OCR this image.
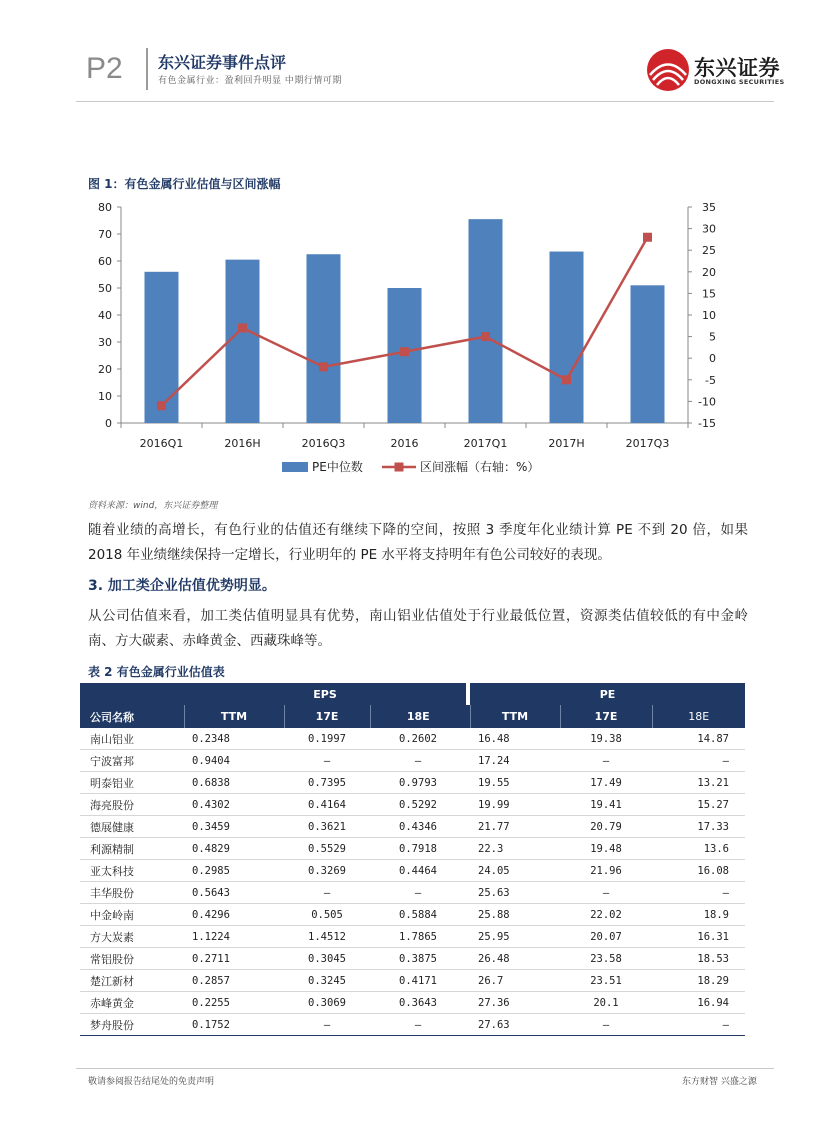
P2 东兴证券事件点评
有色金属行业：盈利回升明显 中期行情可期
东兴证券
DONGXING SECURITIES
图 1：有色金属行业估值与区间涨幅
0
10
20
30
40
50
60
70
80
-15
-10
-5
0
5
10
15
20
25
30
35
2016Q1	2016H	2016Q3	2016	2017Q1	2017H	2017Q3
PE中位数	区间涨幅（右轴：%）
资料来源：wind，东兴证券整理
随着业绩的高增长，有色行业的估值还有继续下降的空间，按照 3 季度年化业绩计算 PE 不到 20 倍，如果 2018 年业绩继续保持一定增长，行业明年的 PE 水平将支持明年有色公司较好的表现。
3. 加工类企业估值优势明显。
从公司估值来看，加工类估值明显具有优势，南山铝业估值处于行业最低位置，资源类估值较低的有中金岭南、方大碳素、赤峰黄金、西藏珠峰等。
表 2 有色金属行业估值表
	EPS				PE		
公司名称	TTM	17E	18E		TTM	17E	18E
南山铝业	0.2348	0.1997	0.2602		16.48	19.38	14.87
宁波富邦	0.9404	—	—		17.24	—	—
明泰铝业	0.6838	0.7395	0.9793		19.55	17.49	13.21
海亮股份	0.4302	0.4164	0.5292		19.99	19.41	15.27
德展健康	0.3459	0.3621	0.4346		21.77	20.79	17.33
利源精制	0.4829	0.5529	0.7918		22.3	19.48	13.6
亚太科技	0.2985	0.3269	0.4464		24.05	21.96	16.08
丰华股份	0.5643	—	—		25.63	—	—
中金岭南	0.4296	0.505	0.5884		25.88	22.02	18.9
方大炭素	1.1224	1.4512	1.7865		25.95	20.07	16.31
常铝股份	0.2711	0.3045	0.3875		26.48	23.58	18.53
楚江新材	0.2857	0.3245	0.4171		26.7	23.51	18.29
赤峰黄金	0.2255	0.3069	0.3643		27.36	20.1	16.94
梦舟股份	0.1752	—	—		27.63	—	—
敬请参阅报告结尾处的免责声明	东方财智 兴盛之源
